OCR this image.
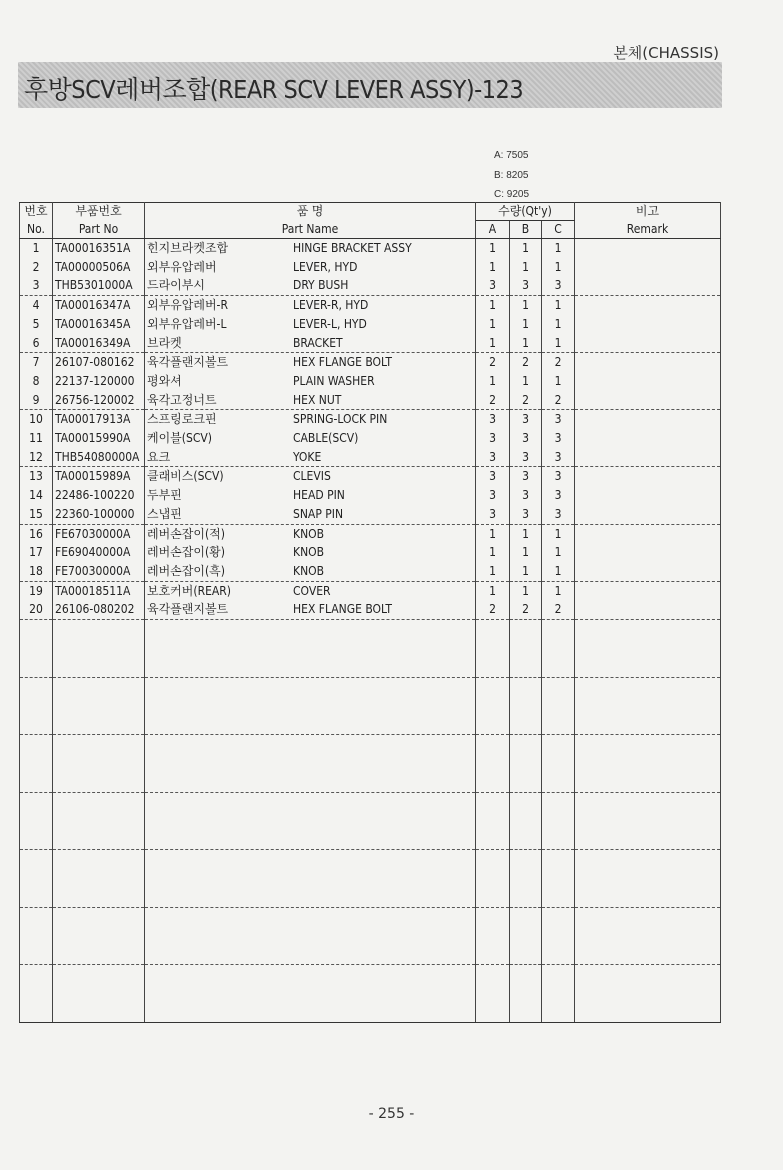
본체(CHASSIS)
후방SCV레버조합(REAR SCV LEVER ASSY)-123
A: 7505
B: 8205
C: 9205
번호	부품번호	품 명	수량(Qt'y)			비고
No.	Part No	Part Name	A	B	C	Remark
1	TA00016351A	힌지브라켓조합 HINGE BRACKET ASSY	1	1	1	
2	TA00000506A	외부유압레버 LEVER, HYD	1	1	1	
3	THB5301000A	드라이부시 DRY BUSH	3	3	3	
4	TA00016347A	외부유압레버-R LEVER-R, HYD	1	1	1	
5	TA00016345A	외부유압레버-L LEVER-L, HYD	1	1	1	
6	TA00016349A	브라켓 BRACKET	1	1	1	
7	26107-080162	육각플랜지볼트 HEX FLANGE BOLT	2	2	2	
8	22137-120000	평와셔 PLAIN WASHER	1	1	1	
9	26756-120002	육각고정너트 HEX NUT	2	2	2	
10	TA00017913A	스프링로크핀 SPRING-LOCK PIN	3	3	3	
11	TA00015990A	케이블(SCV) CABLE(SCV)	3	3	3	
12	THB54080000A	요크 YOKE	3	3	3	
13	TA00015989A	클래비스(SCV) CLEVIS	3	3	3	
14	22486-100220	두부핀 HEAD PIN	3	3	3	
15	22360-100000	스냅핀 SNAP PIN	3	3	3	
16	FE67030000A	레버손잡이(적) KNOB	1	1	1	
17	FE69040000A	레버손잡이(황) KNOB	1	1	1	
18	FE70030000A	레버손잡이(흑) KNOB	1	1	1	
19	TA00018511A	보호커버(REAR) COVER	1	1	1	
20	26106-080202	육각플랜지볼트 HEX FLANGE BOLT	2	2	2	

- 255 -
